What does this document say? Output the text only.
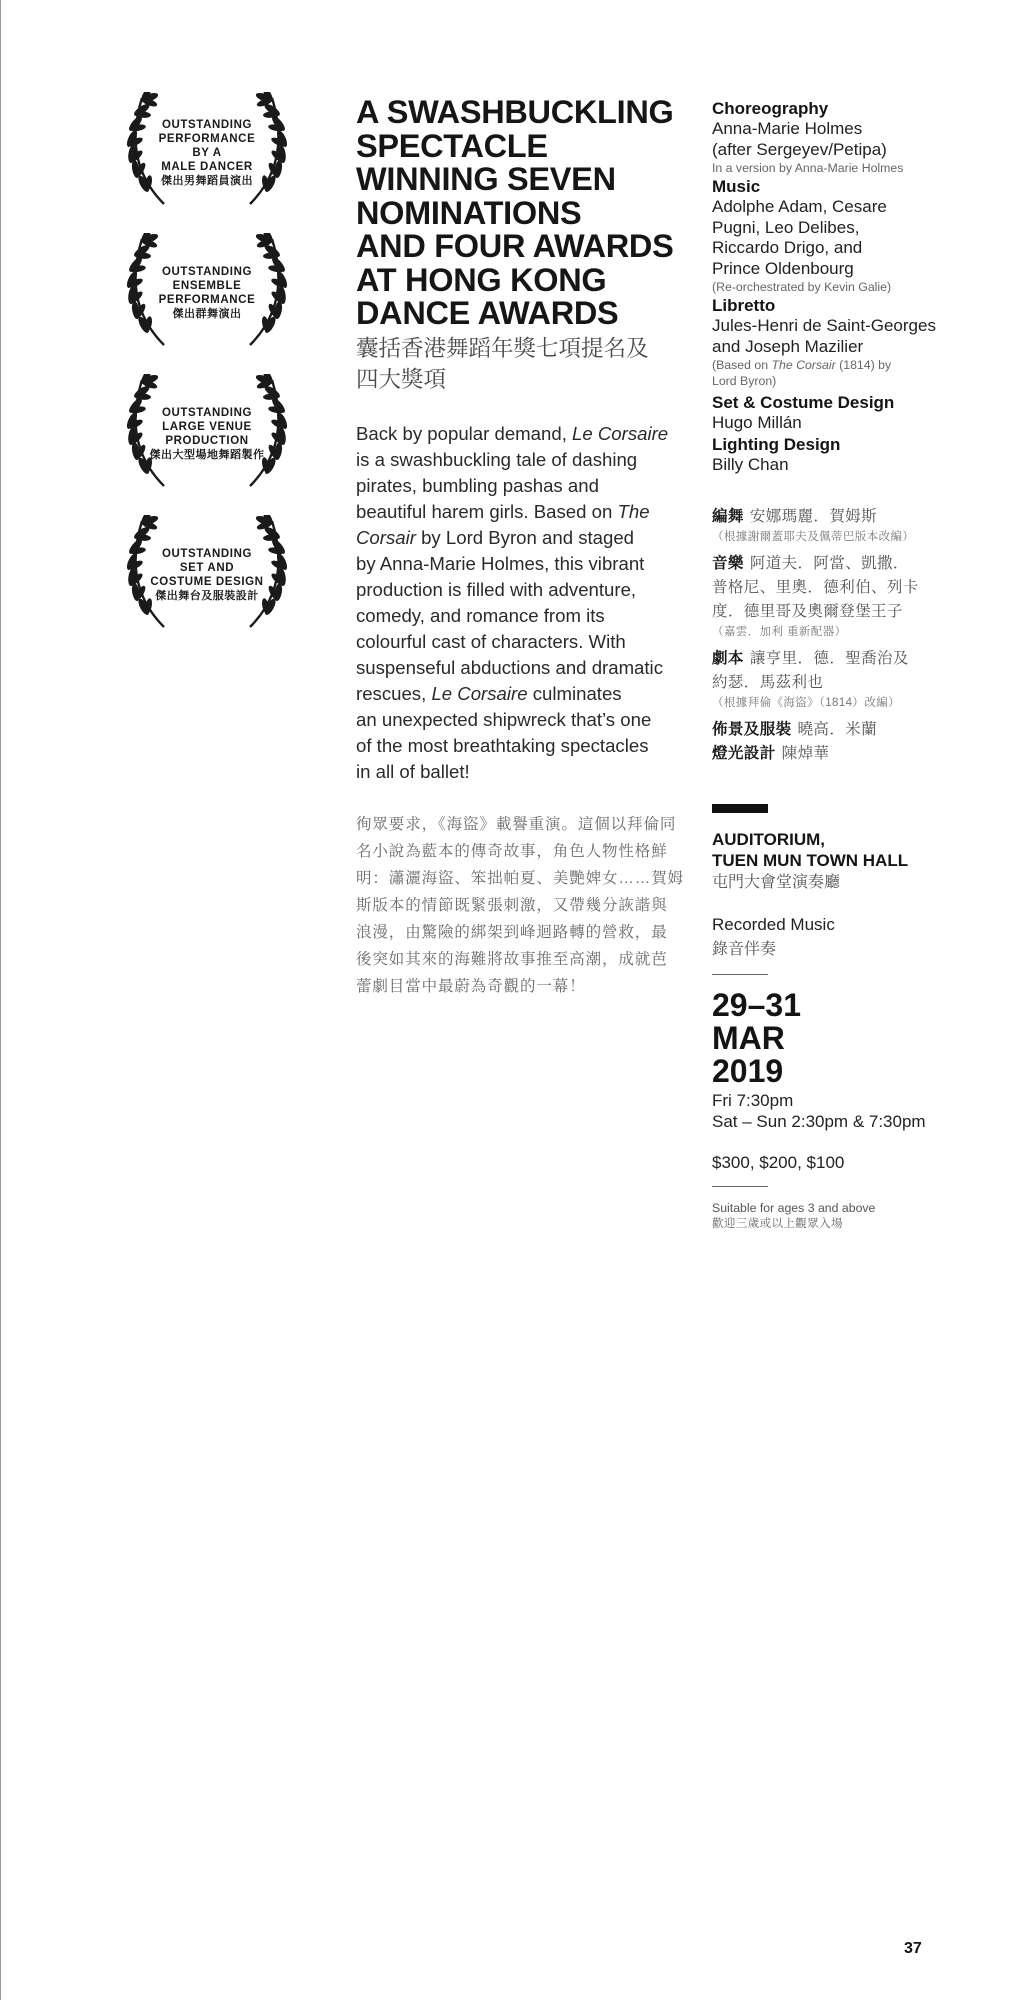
OUTSTANDING
PERFORMANCE
BY A
MALE DANCER
傑出男舞蹈員演出
OUTSTANDING
ENSEMBLE
PERFORMANCE
傑出群舞演出
OUTSTANDING
LARGE VENUE
PRODUCTION
傑出大型場地舞蹈製作
OUTSTANDING
SET AND
COSTUME DESIGN
傑出舞台及服裝設計
A SWASHBUCKLING
SPECTACLE
WINNING SEVEN
NOMINATIONS
AND FOUR AWARDS
AT HONG KONG
DANCE AWARDS
囊括香港舞蹈年獎七項提名及
四大獎項
Back by popular demand, Le Corsaire
is a swashbuckling tale of dashing
pirates, bumbling pashas and
beautiful harem girls. Based on The
Corsair by Lord Byron and staged
by Anna-Marie Holmes, this vibrant
production is filled with adventure,
comedy, and romance from its
colourful cast of characters. With
suspenseful abductions and dramatic
rescues, Le Corsaire culminates
an unexpected shipwreck that’s one
of the most breathtaking spectacles
in all of ballet!
徇眾要求，《海盜》載譽重演。這個以拜倫同
名小說為藍本的傳奇故事，角色人物性格鮮
明：瀟灑海盜、笨拙帕夏、美艷婢女……賀姆
斯版本的情節既緊張刺激，又帶幾分詼諧與
浪漫，由驚險的綁架到峰迴路轉的營救，最
後突如其來的海難將故事推至高潮，成就芭
蕾劇目當中最蔚為奇觀的一幕！
Choreography
Anna-Marie Holmes
(after Sergeyev/Petipa)
In a version by Anna-Marie Holmes
Music
Adolphe Adam, Cesare
Pugni, Leo Delibes,
Riccardo Drigo, and
Prince Oldenbourg
(Re-orchestrated by Kevin Galie)
Libretto
Jules-Henri de Saint-Georges
and Joseph Mazilier
(Based on The Corsair (1814) by
Lord Byron)
Set & Costume Design
Hugo Millán
Lighting Design
Billy Chan
編舞 安娜瑪麗．賀姆斯
（根據謝爾蓋耶夫及佩蒂巴版本改編）
音樂 阿道夫．阿當、凱撒．
普格尼、里奧．德利伯、列卡
度．德里哥及奧爾登堡王子
（嘉雲．加利 重新配器）
劇本 讓亨里．德．聖喬治及
約瑟．馬茲利也
（根據拜倫《海盜》（1814）改編）
佈景及服裝 曉高．米蘭
燈光設計 陳焯華
AUDITORIUM,
TUEN MUN TOWN HALL
屯門大會堂演奏廳
Recorded Music
錄音伴奏
29–31
MAR
2019
Fri 7:30pm
Sat – Sun 2:30pm & 7:30pm
$300, $200, $100
Suitable for ages 3 and above
歡迎三歲或以上觀眾入場
37
